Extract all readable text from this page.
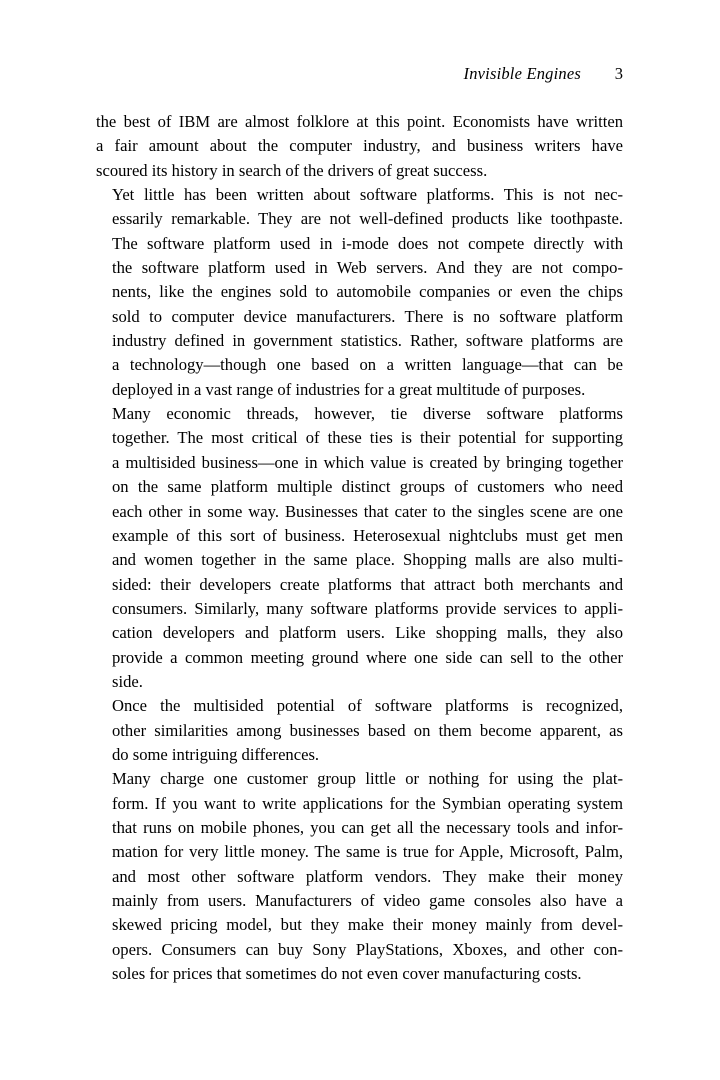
Invisible Engines 3

the best of IBM are almost folklore at this point. Economists have written
a fair amount about the computer industry, and business writers have
scoured its history in search of the drivers of great success.

Yet little has been written about software platforms. This is not nec-
essarily remarkable. They are not well-defined products like toothpaste.
The software platform used in i-mode does not compete directly with
the software platform used in Web servers. And they are not compo-
nents, like the engines sold to automobile companies or even the chips
sold to computer device manufacturers. There is no software platform
industry defined in government statistics. Rather, software platforms are
a technology—though one based on a written language—that can be
deployed in a vast range of industries for a great multitude of purposes.

Many economic threads, however, tie diverse software platforms
together. The most critical of these ties is their potential for supporting
a multisided business—one in which value is created by bringing together
on the same platform multiple distinct groups of customers who need
each other in some way. Businesses that cater to the singles scene are one
example of this sort of business. Heterosexual nightclubs must get men
and women together in the same place. Shopping malls are also multi-
sided: their developers create platforms that attract both merchants and
consumers. Similarly, many software platforms provide services to appli-
cation developers and platform users. Like shopping malls, they also
provide a common meeting ground where one side can sell to the other
side.

Once the multisided potential of software platforms is recognized,
other similarities among businesses based on them become apparent, as
do some intriguing differences.

Many charge one customer group little or nothing for using the plat-
form. If you want to write applications for the Symbian operating system
that runs on mobile phones, you can get all the necessary tools and infor-
mation for very little money. The same is true for Apple, Microsoft, Palm,
and most other software platform vendors. They make their money
mainly from users. Manufacturers of video game consoles also have a
skewed pricing model, but they make their money mainly from devel-
opers. Consumers can buy Sony PlayStations, Xboxes, and other con-
soles for prices that sometimes do not even cover manufacturing costs.
